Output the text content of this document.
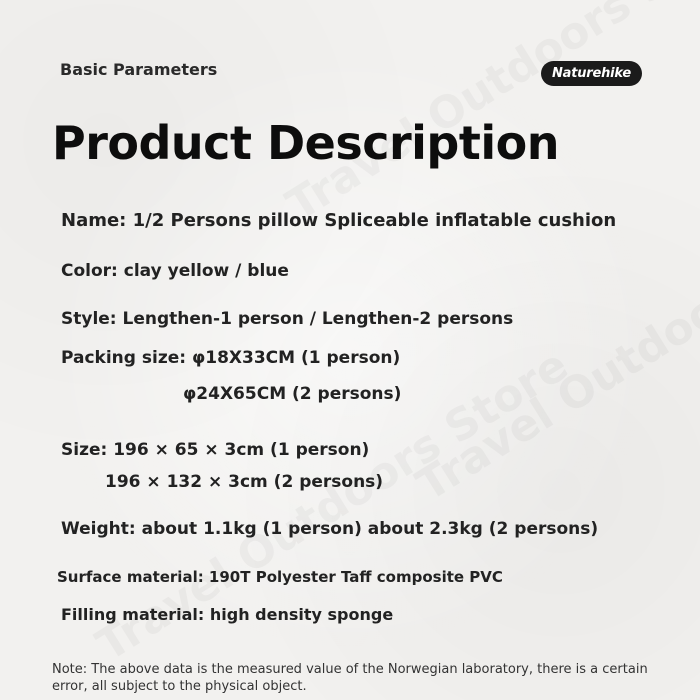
Basic Parameters	Naturehike
Product Description
Name: 1/2 Persons pillow Spliceable inflatable cushion
Color: clay yellow / blue
Style: Lengthen-1 person / Lengthen-2 persons
Packing size: φ18X33CM (1 person)
φ24X65CM (2 persons)
Size: 196 × 65 × 3cm (1 person)
196 × 132 × 3cm (2 persons)
Weight: about 1.1kg (1 person) about 2.3kg (2 persons)
Surface material: 190T Polyester Taff composite PVC
Filling material: high density sponge
Note: The above data is the measured value of the Norwegian laboratory, there is a certain error, all subject to the physical object.
